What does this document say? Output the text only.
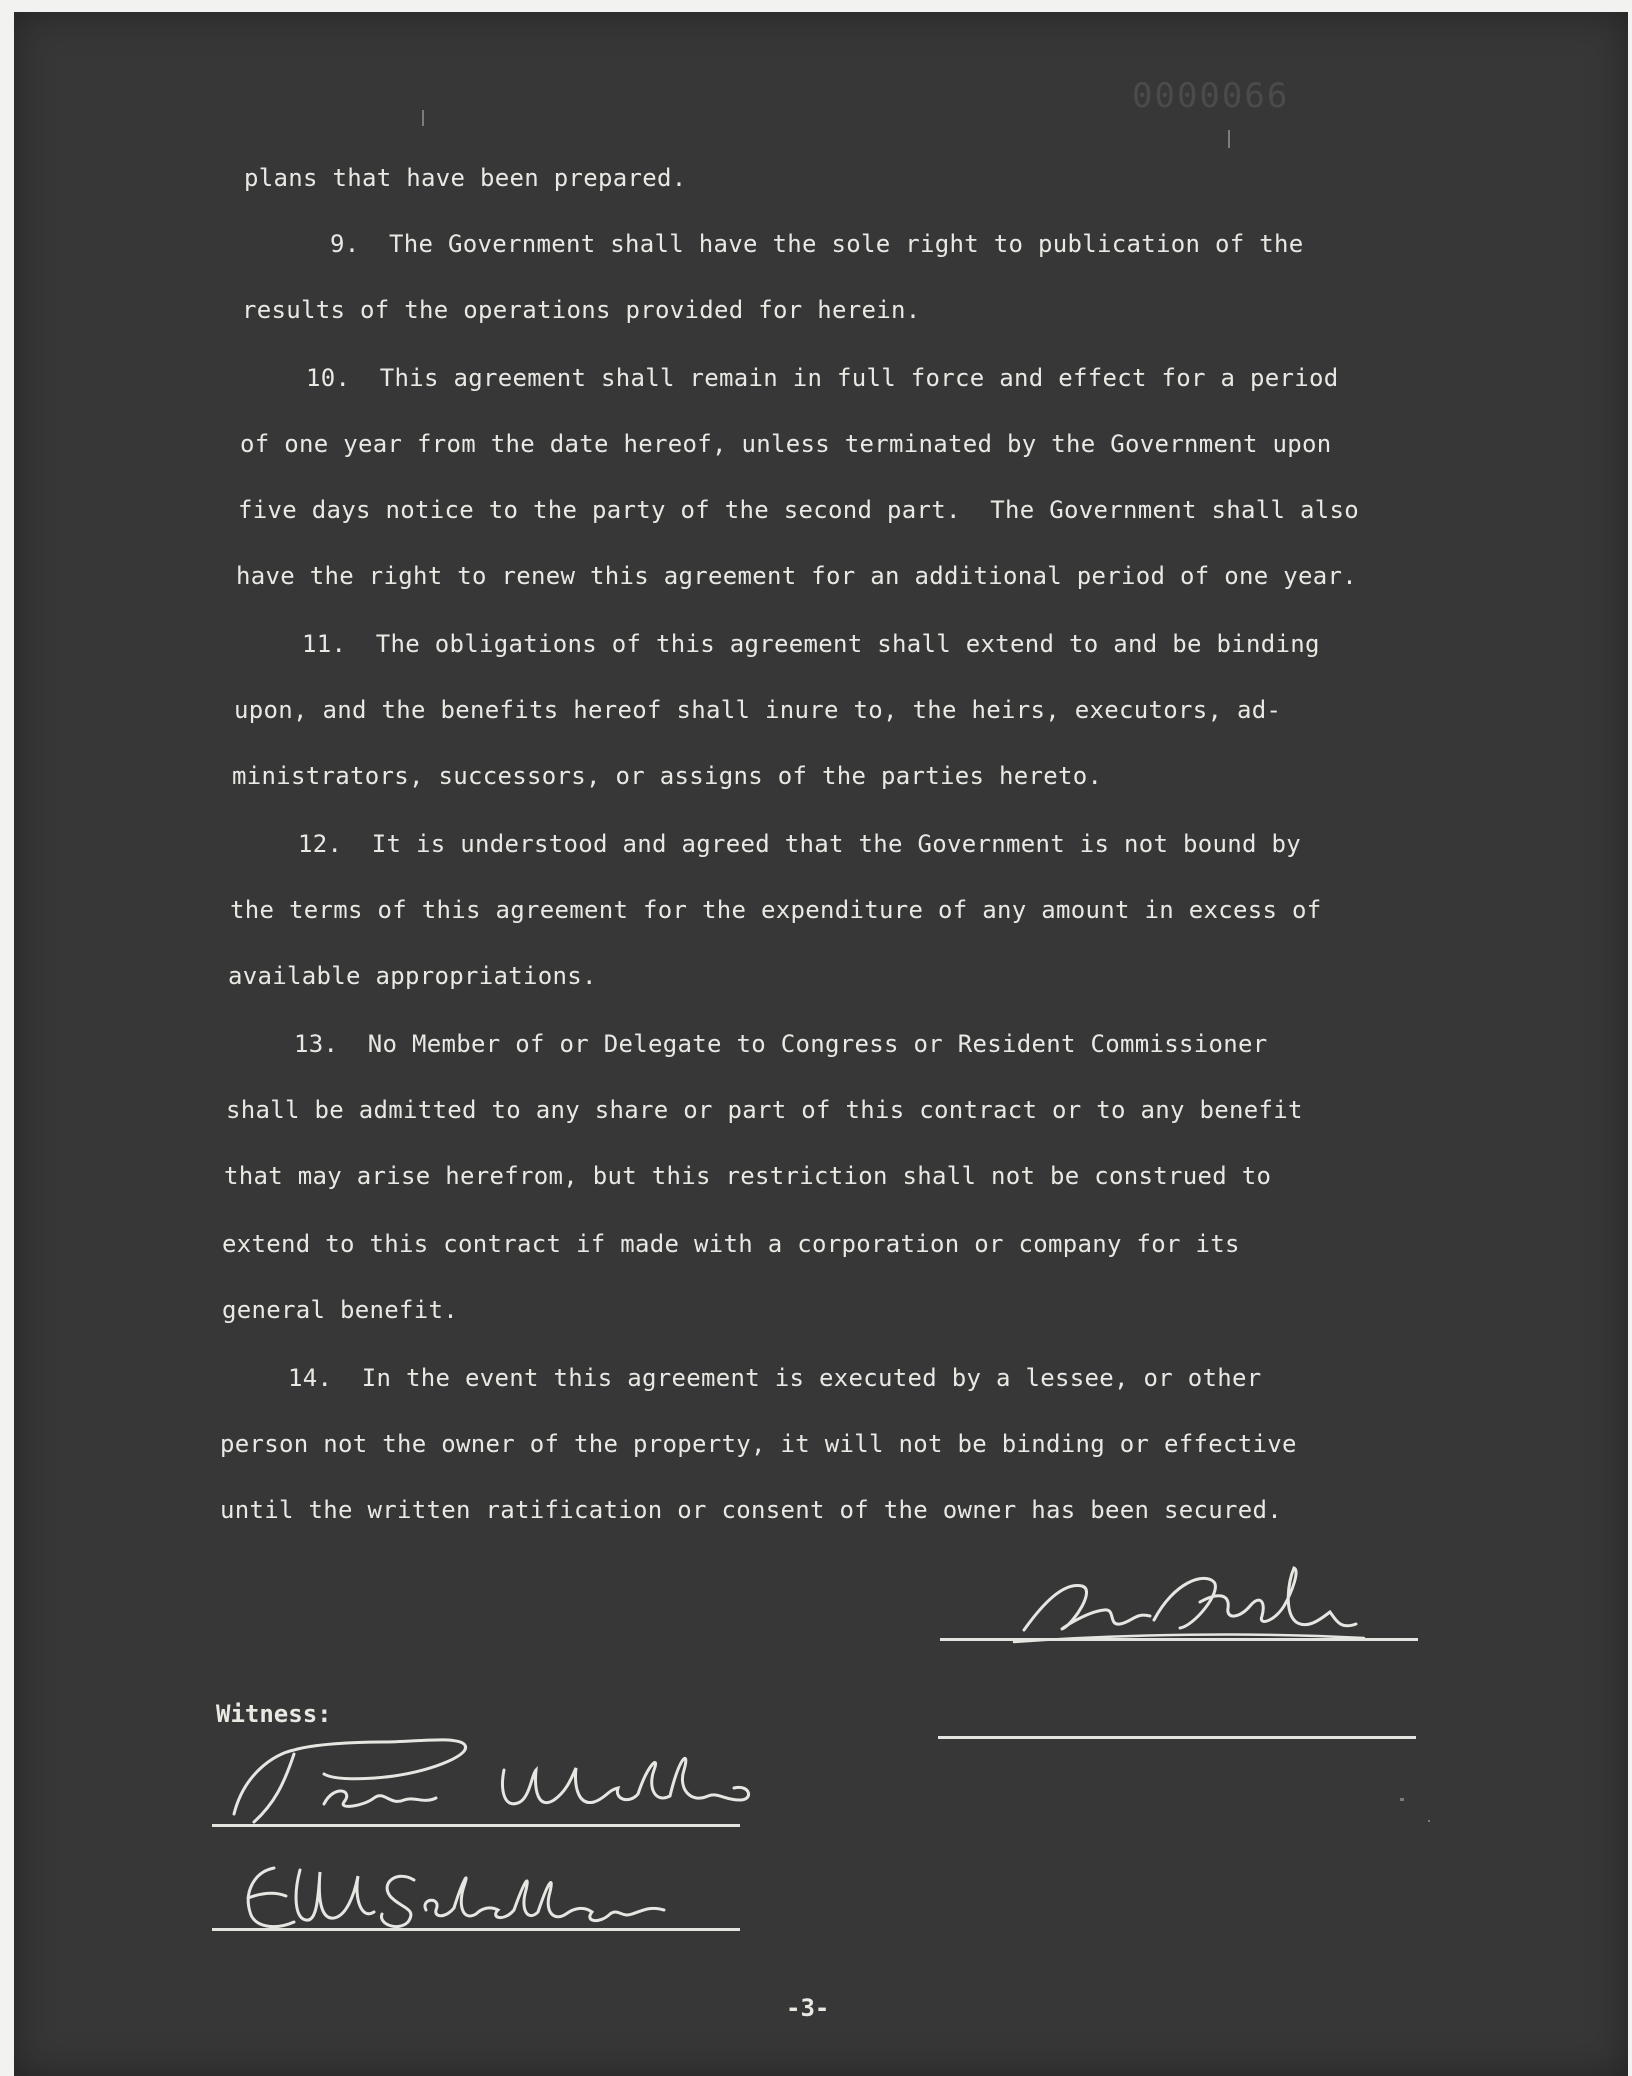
0000066
plans that have been prepared.
9.  The Government shall have the sole right to publication of the
results of the operations provided for herein.
10.  This agreement shall remain in full force and effect for a period
of one year from the date hereof, unless terminated by the Government upon
five days notice to the party of the second part.  The Government shall also
have the right to renew this agreement for an additional period of one year.
11.  The obligations of this agreement shall extend to and be binding
upon, and the benefits hereof shall inure to, the heirs, executors, ad-
ministrators, successors, or assigns of the parties hereto.
12.  It is understood and agreed that the Government is not bound by
the terms of this agreement for the expenditure of any amount in excess of
available appropriations.
13.  No Member of or Delegate to Congress or Resident Commissioner
shall be admitted to any share or part of this contract or to any benefit
that may arise herefrom, but this restriction shall not be construed to
extend to this contract if made with a corporation or company for its
general benefit.
14.  In the event this agreement is executed by a lessee, or other
person not the owner of the property, it will not be binding or effective
until the written ratification or consent of the owner has been secured.
Witness:
-3-
